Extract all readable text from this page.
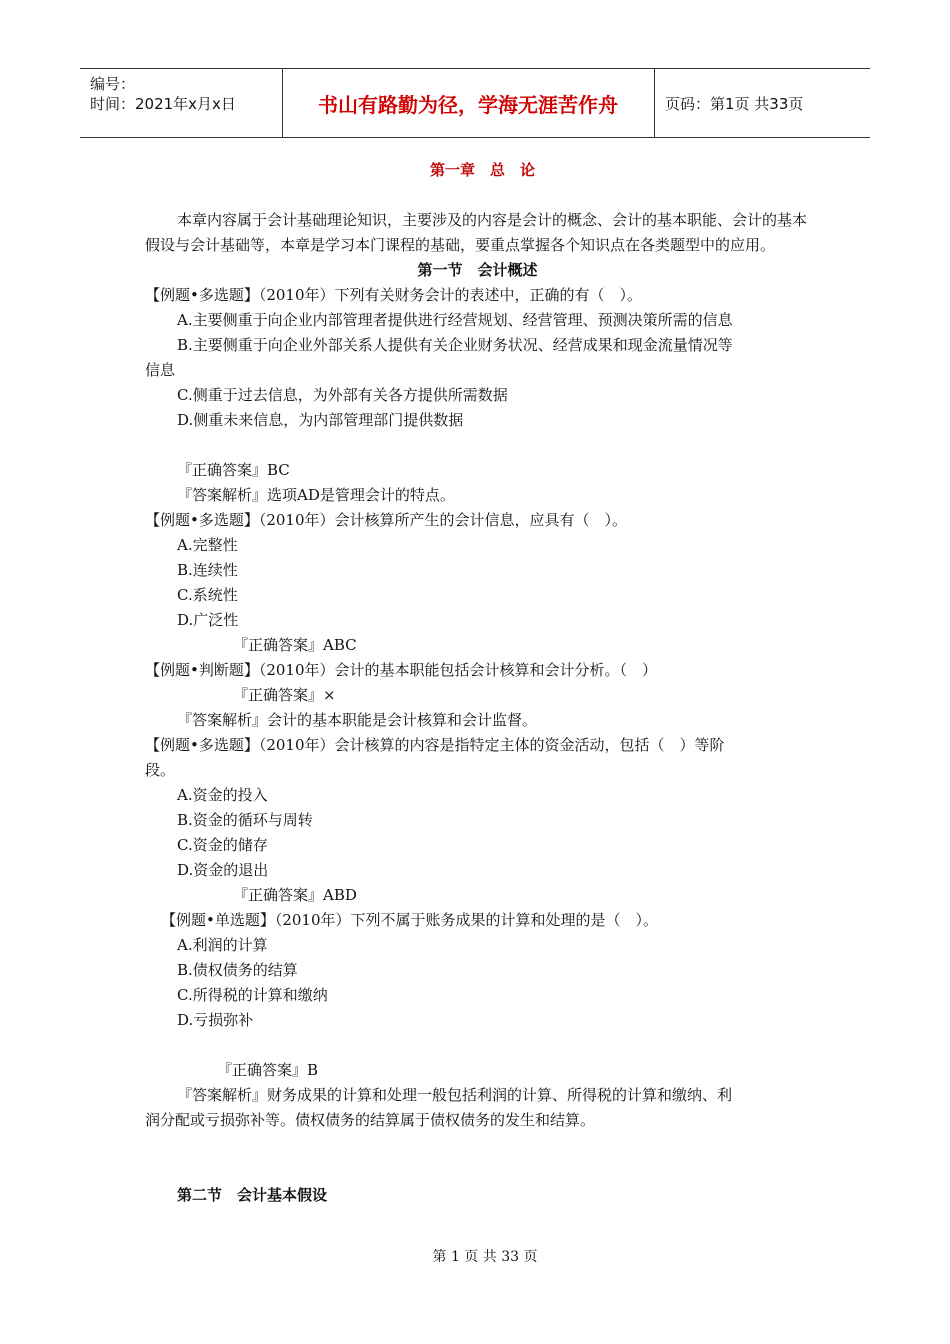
编号：
时间：2021年x月x日	书山有路勤为径，学海无涯苦作舟	页码：第1页 共33页

第一章　总　论

本章内容属于会计基础理论知识，主要涉及的内容是会计的概念、会计的基本职能、会计的基本假设与会计基础等，本章是学习本门课程的基础，要重点掌握各个知识点在各类题型中的应用。

第一节　会计概述

【例题•多选题】（2010年）下列有关财务会计的表述中，正确的有（　）。

A.主要侧重于向企业内部管理者提供进行经营规划、经营管理、预测决策所需的信息

B.主要侧重于向企业外部关系人提供有关企业财务状况、经营成果和现金流量情况等

信息

C.侧重于过去信息，为外部有关各方提供所需数据

D.侧重未来信息，为内部管理部门提供数据

『正确答案』BC

『答案解析』选项AD是管理会计的特点。

【例题•多选题】（2010年）会计核算所产生的会计信息，应具有（　）。

A.完整性

B.连续性

C.系统性

D.广泛性

『正确答案』ABC

【例题•判断题】（2010年）会计的基本职能包括会计核算和会计分析。（　）

『正确答案』×

『答案解析』会计的基本职能是会计核算和会计监督。

【例题•多选题】（2010年）会计核算的内容是指特定主体的资金活动，包括（　）等阶

段。

A.资金的投入

B.资金的循环与周转

C.资金的储存

D.资金的退出

『正确答案』ABD

【例题•单选题】（2010年）下列不属于账务成果的计算和处理的是（　）。

A.利润的计算

B.债权债务的结算

C.所得税的计算和缴纳

D.亏损弥补

『正确答案』B

『答案解析』财务成果的计算和处理一般包括利润的计算、所得税的计算和缴纳、利

润分配或亏损弥补等。债权债务的结算属于债权债务的发生和结算。

第二节　会计基本假设

第 1 页 共 33 页
